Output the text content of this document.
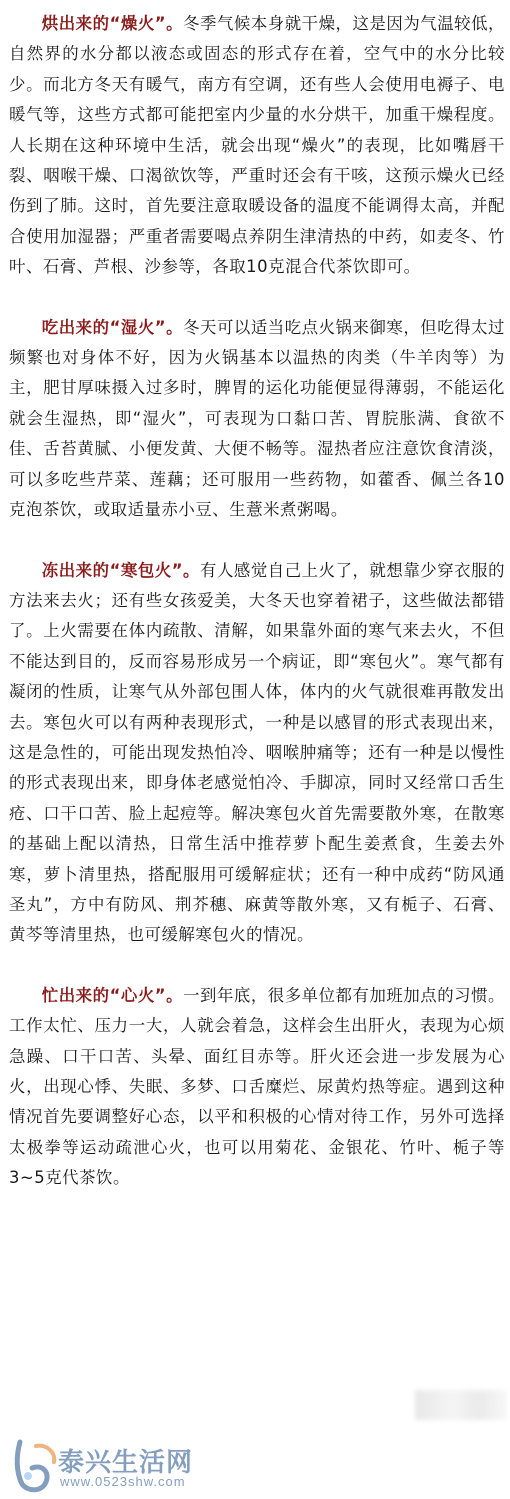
烘出来的“燥火”。冬季气候本身就干燥，这是因为气温较低，自然界的水分都以液态或固态的形式存在着，空气中的水分比较少。而北方冬天有暖气，南方有空调，还有些人会使用电褥子、电暖气等，这些方式都可能把室内少量的水分烘干，加重干燥程度。人长期在这种环境中生活，就会出现“燥火”的表现，比如嘴唇干裂、咽喉干燥、口渴欲饮等，严重时还会有干咳，这预示燥火已经伤到了肺。这时，首先要注意取暖设备的温度不能调得太高，并配合使用加湿器；严重者需要喝点养阴生津清热的中药，如麦冬、竹叶、石膏、芦根、沙参等，各取10克混合代茶饮即可。

吃出来的“湿火”。冬天可以适当吃点火锅来御寒，但吃得太过频繁也对身体不好，因为火锅基本以温热的肉类（牛羊肉等）为主，肥甘厚味摄入过多时，脾胃的运化功能便显得薄弱，不能运化就会生湿热，即“湿火”，可表现为口黏口苦、胃脘胀满、食欲不佳、舌苔黄腻、小便发黄、大便不畅等。湿热者应注意饮食清淡，可以多吃些芹菜、莲藕；还可服用一些药物，如藿香、佩兰各10克泡茶饮，或取适量赤小豆、生薏米煮粥喝。

冻出来的“寒包火”。有人感觉自己上火了，就想靠少穿衣服的方法来去火；还有些女孩爱美，大冬天也穿着裙子，这些做法都错了。上火需要在体内疏散、清解，如果靠外面的寒气来去火，不但不能达到目的，反而容易形成另一个病证，即“寒包火”。寒气都有凝闭的性质，让寒气从外部包围人体，体内的火气就很难再散发出去。寒包火可以有两种表现形式，一种是以感冒的形式表现出来，这是急性的，可能出现发热怕冷、咽喉肿痛等；还有一种是以慢性的形式表现出来，即身体老感觉怕冷、手脚凉，同时又经常口舌生疮、口干口苦、脸上起痘等。解决寒包火首先需要散外寒，在散寒的基础上配以清热，日常生活中推荐萝卜配生姜煮食，生姜去外寒，萝卜清里热，搭配服用可缓解症状；还有一种中成药“防风通圣丸”，方中有防风、荆芥穗、麻黄等散外寒，又有栀子、石膏、黄芩等清里热，也可缓解寒包火的情况。

忙出来的“心火”。一到年底，很多单位都有加班加点的习惯。工作太忙、压力一大，人就会着急，这样会生出肝火，表现为心烦急躁、口干口苦、头晕、面红目赤等。肝火还会进一步发展为心火，出现心悸、失眠、多梦、口舌糜烂、尿黄灼热等症。遇到这种情况首先要调整好心态，以平和积极的心情对待工作，另外可选择太极拳等运动疏泄心火，也可以用菊花、金银花、竹叶、栀子等3~5克代茶饮。

泰兴生活网
www.0523shw.com
